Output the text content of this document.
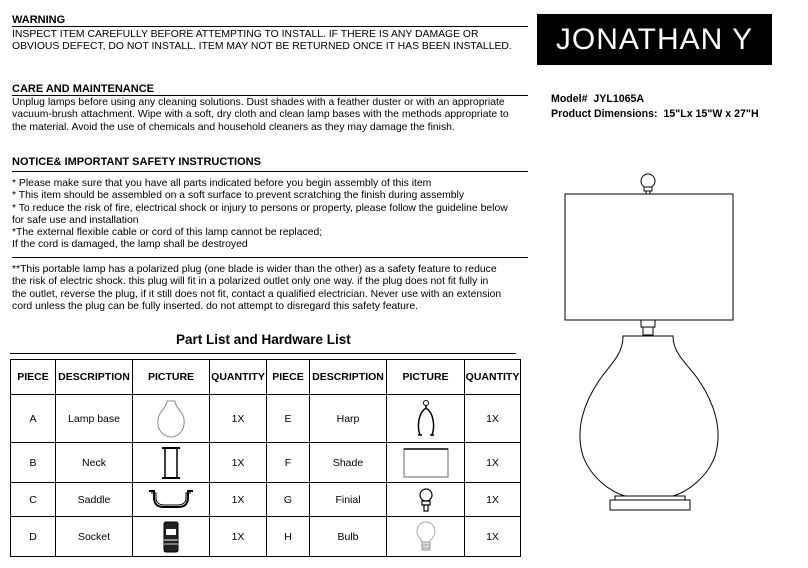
WARNING
INSPECT ITEM CAREFULLY BEFORE ATTEMPTING TO INSTALL. IF THERE IS ANY DAMAGE OR
OBVIOUS DEFECT, DO NOT INSTALL. ITEM MAY NOT BE RETURNED ONCE IT HAS BEEN INSTALLED.
CARE AND MAINTENANCE
Unplug lamps before using any cleaning solutions. Dust shades with a feather duster or with an appropriate
vacuum-brush attachment. Wipe with a soft, dry cloth and clean lamp bases with the methods appropriate to
the material. Avoid the use of chemicals and household cleaners as they may damage the finish.
NOTICE& IMPORTANT SAFETY INSTRUCTIONS
* Please make sure that you have all parts indicated before you begin assembly of this item
* This item should be assembled on a soft surface to prevent scratching the finish during assembly
* To reduce the risk of fire, electrical shock or injury to persons or property, please follow the guideline below
for safe use and installation
*The external flexible cable or cord of this lamp cannot be replaced;
If the cord is damaged, the lamp shall be destroyed
**This portable lamp has a polarized plug (one blade is wider than the other) as a safety feature to reduce
the risk of electric shock. this plug will fit in a polarized outlet only one way. if the plug does not fit fully in
the outlet, reverse the plug, if it still does not fit, contact a qualified electrician. Never use with an extension
cord unless the plug can be fully inserted. do not attempt to disregard this safety feature.
JONATHAN Y
Model# JYL1065A
Product Dimensions: 15"Lx 15"W x 27"H
Part List and Hardware List
PIECE	DESCRIPTION	PICTURE	QUANTITY	PIECE	DESCRIPTION	PICTURE	QUANTITY
A	Lamp base		1X	E	Harp		1X
B	Neck		1X	F	Shade		1X
C	Saddle		1X	G	Finial		1X
D	Socket		1X	H	Bulb		1X
